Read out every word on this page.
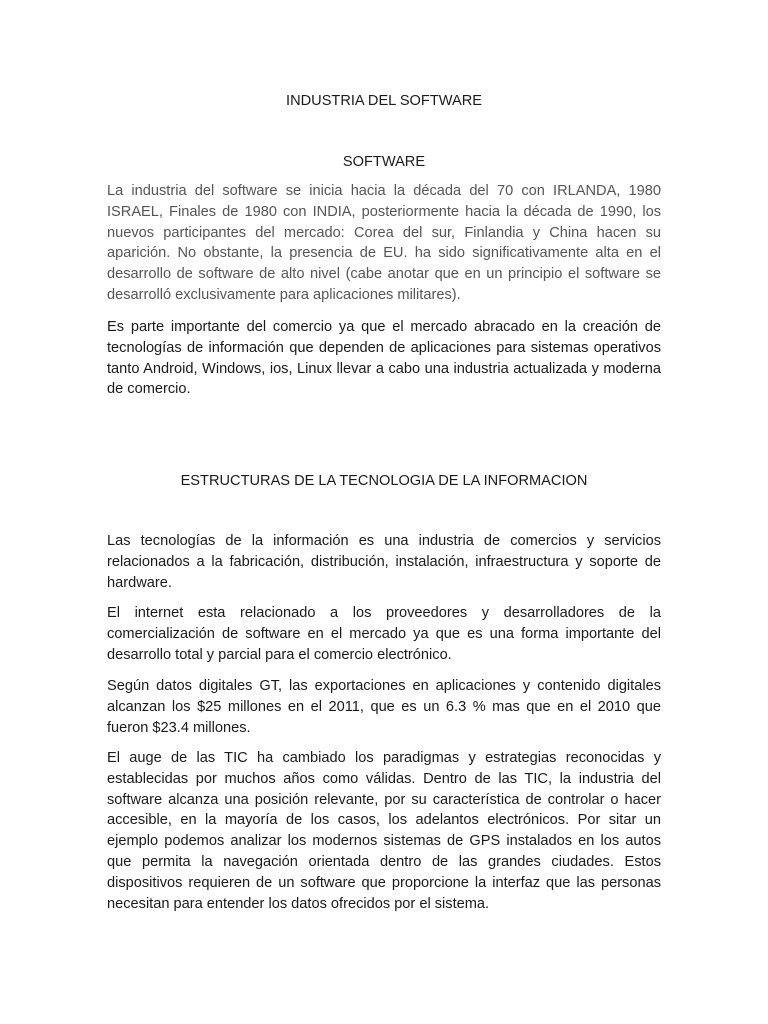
INDUSTRIA DEL SOFTWARE
SOFTWARE

La industria del software se inicia hacia la década del 70 con IRLANDA, 1980 ISRAEL, Finales de 1980 con INDIA, posteriormente hacia la década de 1990, los nuevos participantes del mercado: Corea del sur, Finlandia y China hacen su aparición. No obstante, la presencia de EU. ha sido significativamente alta en el desarrollo de software de alto nivel (cabe anotar que en un principio el software se desarrolló exclusivamente para aplicaciones militares).

Es parte importante del comercio ya que el mercado abracado en la creación de tecnologías de información que dependen de aplicaciones para sistemas operativos tanto Android, Windows, ios, Linux llevar a cabo una industria actualizada y moderna de comercio.

ESTRUCTURAS DE LA TECNOLOGIA DE LA INFORMACION

Las tecnologías de la información es una industria de comercios y servicios relacionados a la fabricación, distribución, instalación, infraestructura y soporte de hardware.

El internet esta relacionado a los proveedores y desarrolladores de la comercialización de software en el mercado ya que es una forma importante del desarrollo total y parcial para el comercio electrónico.

Según datos digitales GT, las exportaciones en aplicaciones y contenido digitales alcanzan los $25 millones en el 2011, que es un 6.3 % mas que en el 2010 que fueron $23.4 millones.

El auge de las TIC ha cambiado los paradigmas y estrategias reconocidas y establecidas por muchos años como válidas. Dentro de las TIC, la industria del software alcanza una posición relevante, por su característica de controlar o hacer accesible, en la mayoría de los casos, los adelantos electrónicos. Por sitar un ejemplo podemos analizar los modernos sistemas de GPS instalados en los autos que permita la navegación orientada dentro de las grandes ciudades. Estos dispositivos requieren de un software que proporcione la interfaz que las personas necesitan para entender los datos ofrecidos por el sistema.
